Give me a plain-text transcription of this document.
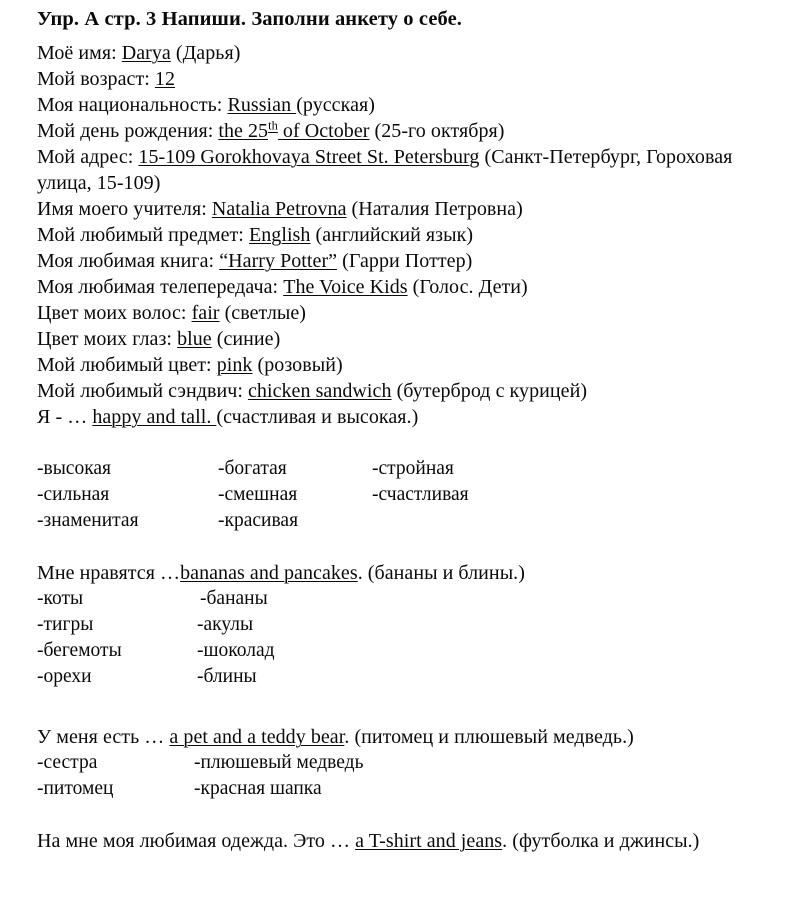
Упр. А стр. 3 Напиши. Заполни анкету о себе.
Моё имя: Darya (Дарья)
Мой возраст: 12
Моя национальность: Russian (русская)
Мой день рождения: the 25th of October (25-го октября)
Мой адрес: 15-109 Gorokhovaya Street St. Petersburg (Санкт-Петербург, Гороховая улица, 15-109)
Имя моего учителя: Natalia Petrovna (Наталия Петровна)
Мой любимый предмет: English (английский язык)
Моя любимая книга: “Harry Potter” (Гарри Поттер)
Моя любимая телепередача: The Voice Kids (Голос. Дети)
Цвет моих волос: fair (светлые)
Цвет моих глаз: blue (синие)
Мой любимый цвет: pink (розовый)
Мой любимый сэндвич: chicken sandwich (бутерброд с курицей)
Я - … happy and tall. (счастливая и высокая.)
-высокая	-богатая	-стройная
-сильная	-смешная	-счастливая
-знаменитая	-красивая
Мне нравятся …bananas and pancakes. (бананы и блины.)
-коты	-бананы
-тигры	-акулы
-бегемоты	-шоколад
-орехи	-блины
У меня есть … a pet and a teddy bear. (питомец и плюшевый медведь.)
-сестра	-плюшевый медведь
-питомец	-красная шапка
На мне моя любимая одежда. Это … a T-shirt and jeans. (футболка и джинсы.)
